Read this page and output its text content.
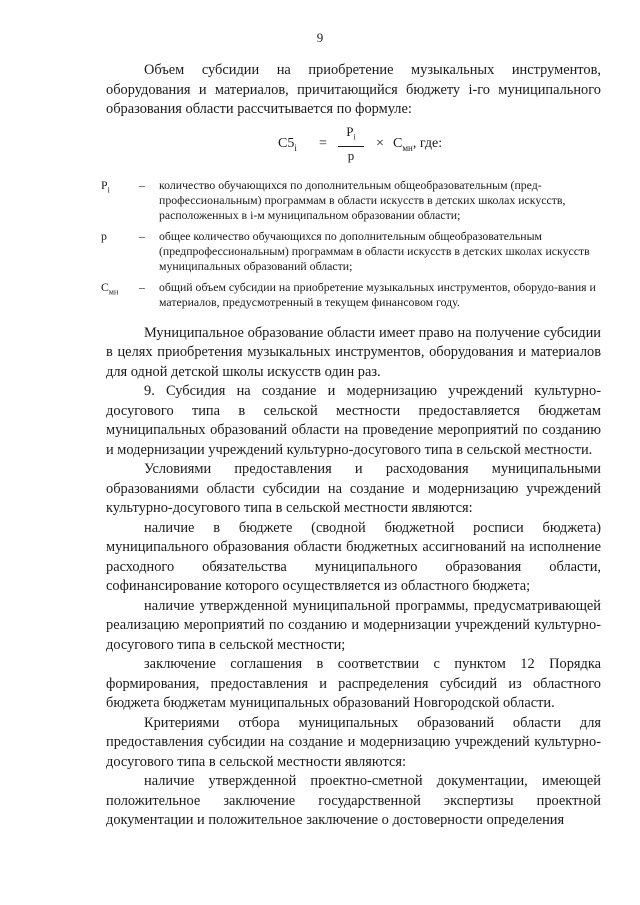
9

Объем субсидии на приобретение музыкальных инструментов, оборудования и материалов, причитающийся бюджету i-го муниципального образования области рассчитывается по формуле:

$С5_i$ =
$P_i$
p
× $С_{мн}$, где:
$P_i$ – количество обучающихся по дополнительным общеобразовательным (пред-профессиональным) программам в области искусств в детских школах искусств, расположенных в i-м муниципальном образовании области;
p	– общее количество обучающихся по дополнительным общеобразовательным (предпрофессиональным) программам в области искусств в детских школах искусств муниципальных образований области;
$С_{мн}$ – общий объем субсидии на приобретение музыкальных инструментов, оборудо-вания и материалов, предусмотренный в текущем финансовом году.

Муниципальное образование области имеет право на получение субсидии в целях приобретения музыкальных инструментов, оборудования и материалов для одной детской школы искусств один раз.

9. Субсидия на создание и модернизацию учреждений культурно-досугового типа в сельской местности предоставляется бюджетам муниципальных образований области на проведение мероприятий по созданию и модернизации учреждений культурно-досугового типа в сельской местности.

Условиями предоставления и расходования муниципальными образованиями области субсидии на создание и модернизацию учреждений культурно-досугового типа в сельской местности являются:

наличие в бюджете (сводной бюджетной росписи бюджета) муниципального образования области бюджетных ассигнований на исполнение расходного обязательства муниципального образования области, софинансирование которого осуществляется из областного бюджета;

наличие утвержденной муниципальной программы, предусматривающей реализацию мероприятий по созданию и модернизации учреждений культурно-досугового типа в сельской местности;

заключение соглашения в соответствии с пунктом 12 Порядка формирования, предоставления и распределения субсидий из областного бюджета бюджетам муниципальных образований Новгородской области.

Критериями отбора муниципальных образований области для предоставления субсидии на создание и модернизацию учреждений культурно-досугового типа в сельской местности являются:

наличие утвержденной проектно-сметной документации, имеющей положительное заключение государственной экспертизы проектной документации и положительное заключение о достоверности определения
